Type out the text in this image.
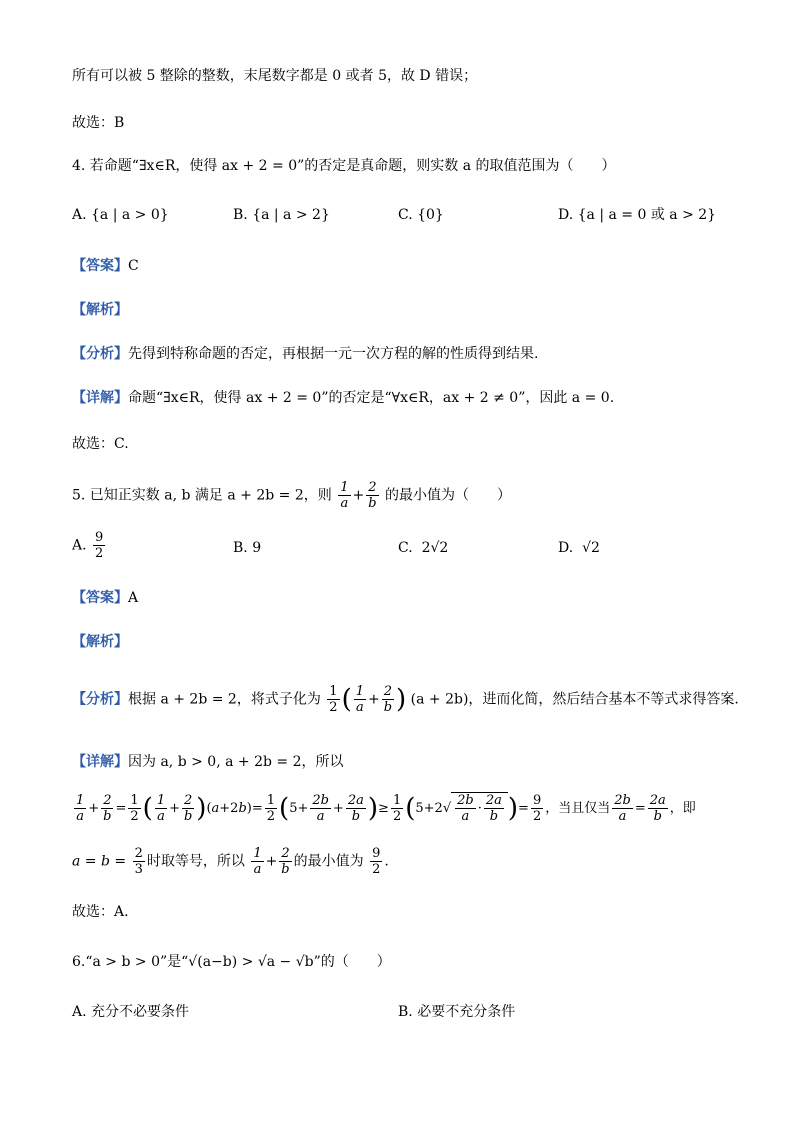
所有可以被 5 整除的整数，末尾数字都是 0 或者 5，故 D 错误；
故选：B
4. 若命题“∃x∈R，使得 ax + 2 = 0”的否定是真命题，则实数 a 的取值范围为（　　）
A. {a | a > 0}	B. {a | a > 2}	C. {0}	D. {a | a = 0 或 a > 2}
【答案】C
【解析】
【分析】先得到特称命题的否定，再根据一元一次方程的解的性质得到结果.
【详解】命题“∃x∈R，使得 ax + 2 = 0”的否定是“∀x∈R，ax + 2 ≠ 0”，因此 a = 0.
故选：C.
5. 已知正实数 a, b 满足 a + 2b = 2，则 $\frac{1}{a} + \frac{2}{b}$ 的最小值为（　　）
A. $\frac{9}{2}$	B. 9	C. 2√2	D. √2
【答案】A
【解析】
【分析】根据 a + 2b = 2，将式子化为 $\frac{1}{2}$ ( $\frac{1}{a} + \frac{2}{b}$ ) (a + 2b)，进而化简，然后结合基本不等式求得答案.
【详解】因为 a, b > 0, a + 2b = 2，所以
$\frac{1}{a} + \frac{2}{b} = \frac{1}{2}$ ( $\frac{1}{a} + \frac{2}{b} )(a+2b)= \frac{1}{2} (5+ \frac{2b}{a} + \frac{2a}{b}$ )≥ $\frac{1}{2} (5+2√ \frac{2b}{a} \cdot \frac{2a}{b}$ )= $\frac{9}{2}$ ，当且仅当 $\frac{2b}{a} = \frac{2a}{b}$ ，即
$a = b = \frac{2}{3}$ 时取等号，所以 $\frac{1}{a} + \frac{2}{b}$ 的最小值为 $\frac{9}{2}$ .
故选：A.
6.“a > b > 0”是“√(a−b) > √a − √b”的（　　）
A. 充分不必要条件	B. 必要不充分条件
